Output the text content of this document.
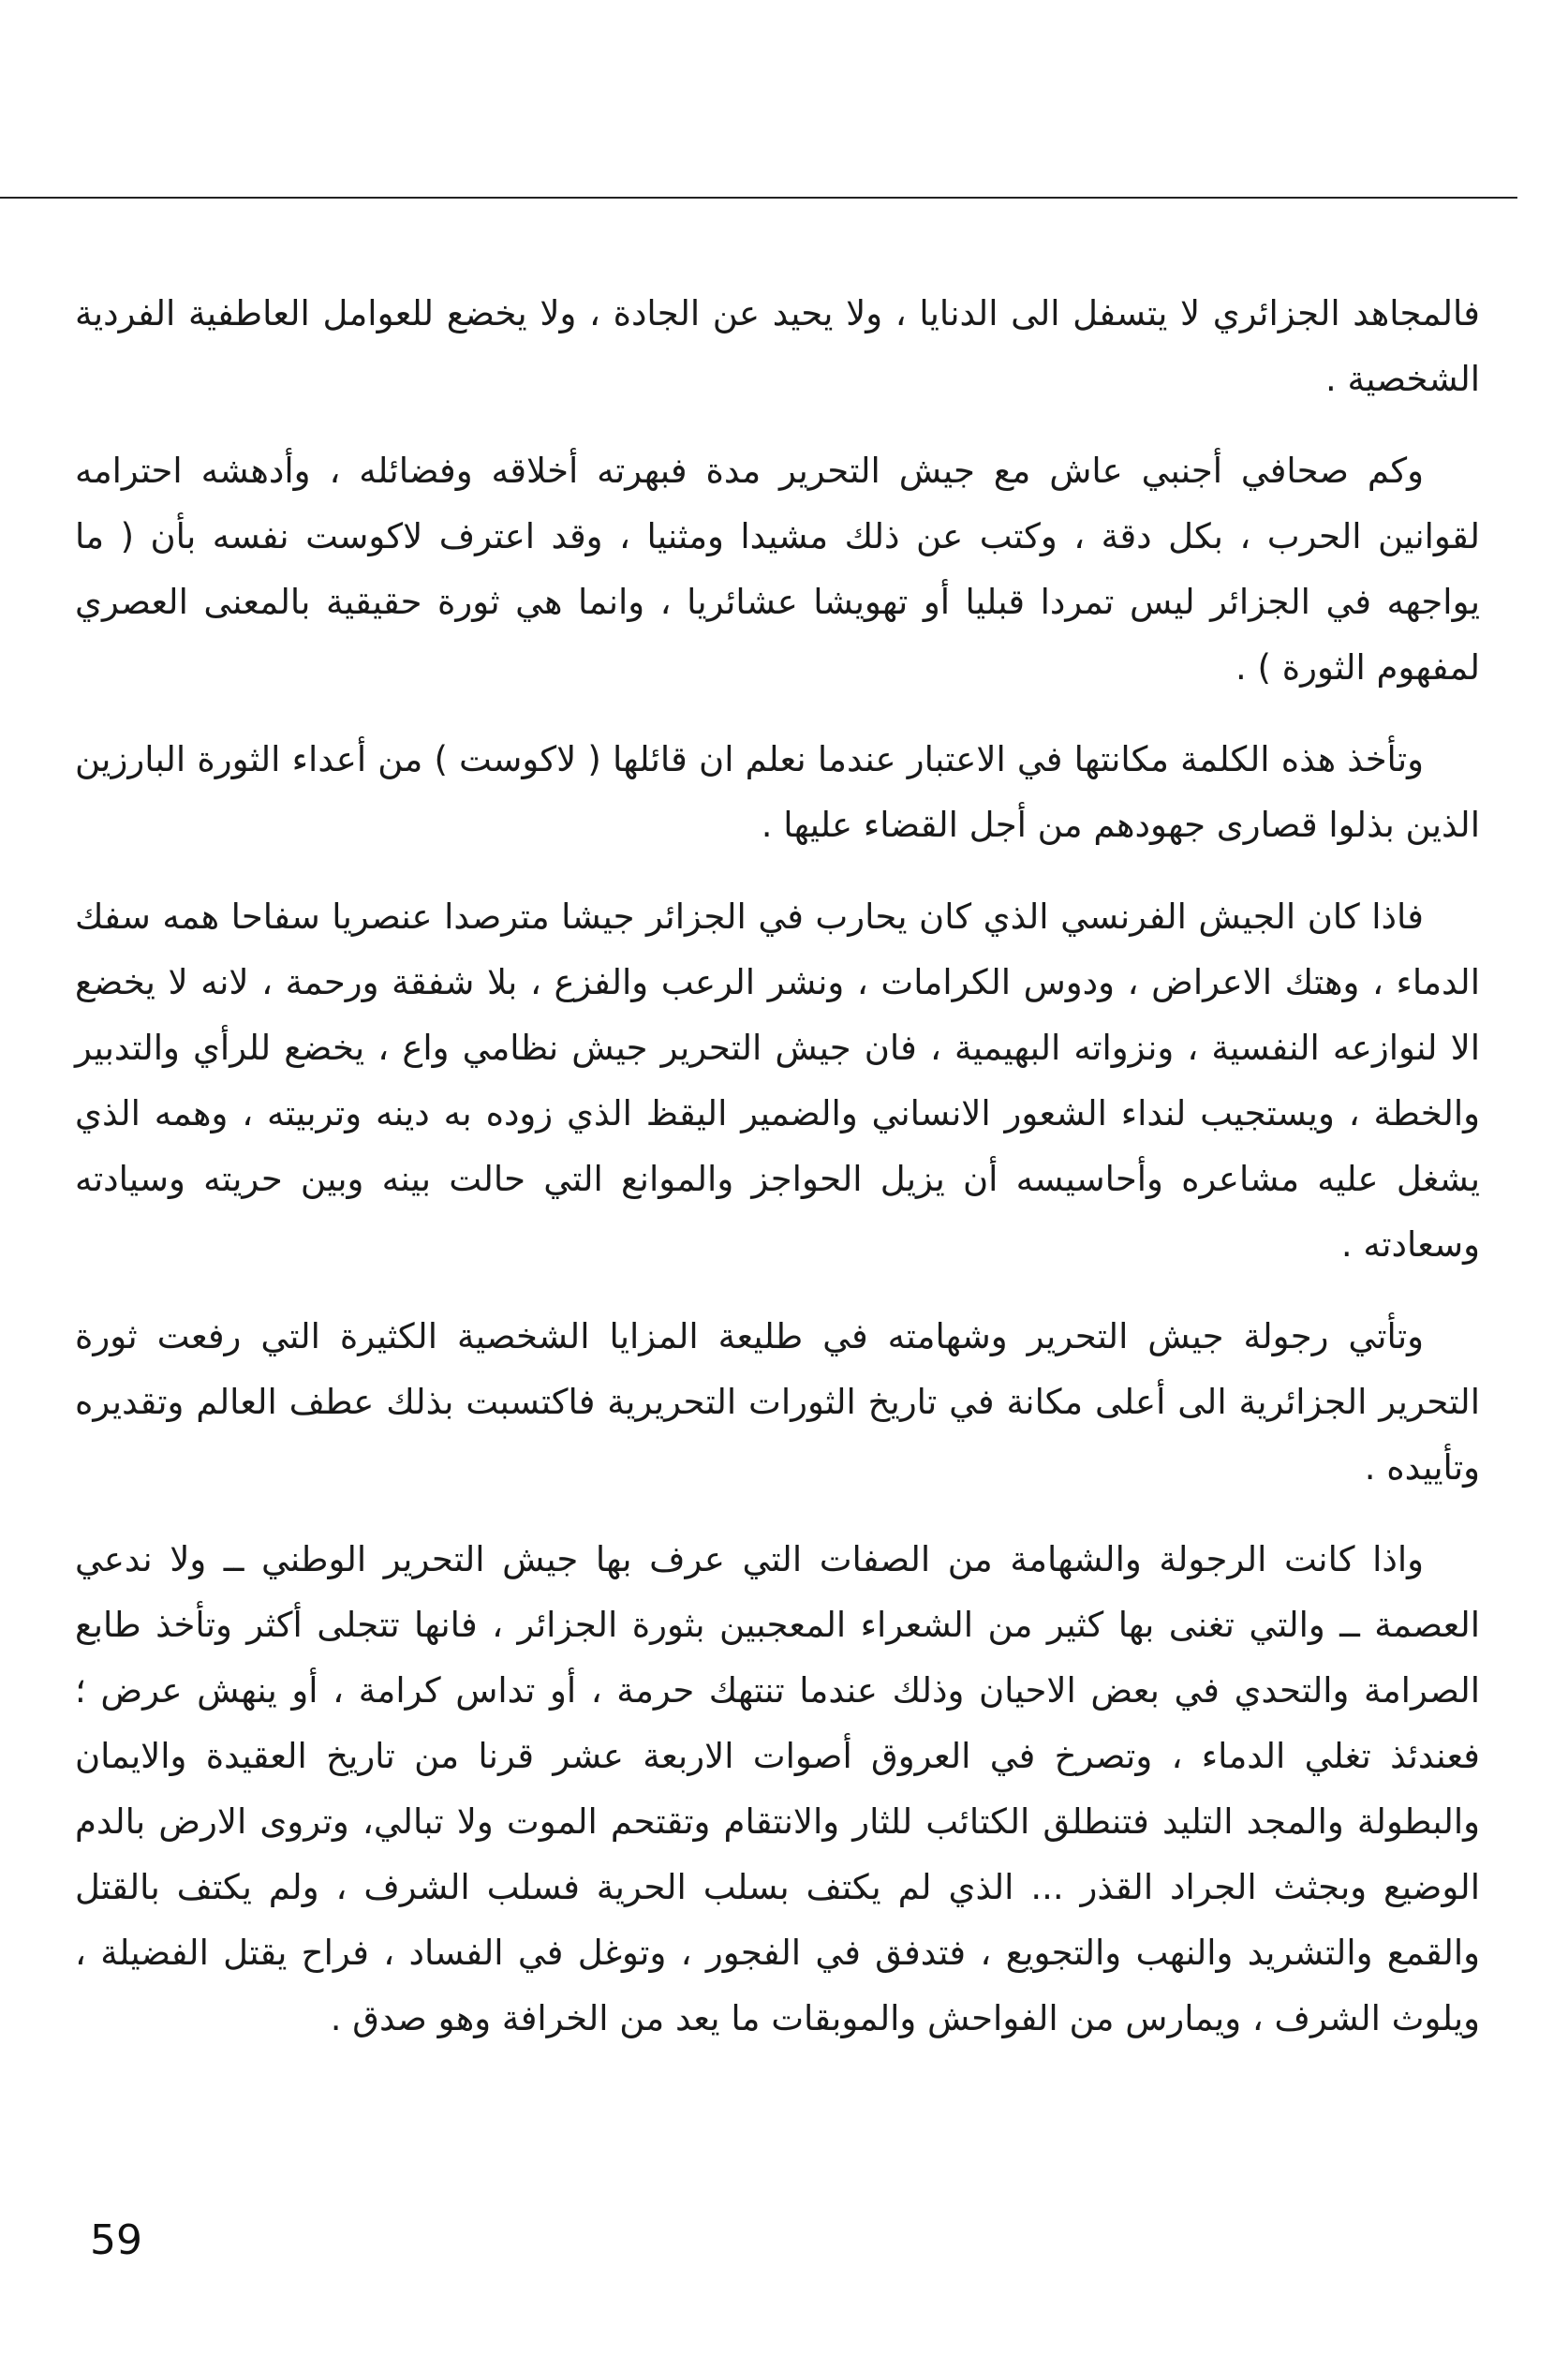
فالمجاهد الجزائري لا يتسفل الى الدنايا ، ولا يحيد عن الجادة ، ولا يخضع للعوامل العاطفية الفردية الشخصية .

وكم صحافي أجنبي عاش مع جيش التحرير مدة فبهرته أخلاقه وفضائله ، وأدهشه احترامه لقوانين الحرب ، بكل دقة ، وكتب عن ذلك مشيدا ومثنيا ، وقد اعترف لاكوست نفسه بأن ( ما يواجهه في الجزائر ليس تمردا قبليا أو تهويشا عشائريا ، وانما هي ثورة حقيقية بالمعنى العصري لمفهوم الثورة ) .

وتأخذ هذه الكلمة مكانتها في الاعتبار عندما نعلم ان قائلها ( لاكوست ) من أعداء الثورة البارزين الذين بذلوا قصارى جهودهم من أجل القضاء عليها .

فاذا كان الجيش الفرنسي الذي كان يحارب في الجزائر جيشا مترصدا عنصريا سفاحا همه سفك الدماء ، وهتك الاعراض ، ودوس الكرامات ، ونشر الرعب والفزع ، بلا شفقة ورحمة ، لانه لا يخضع الا لنوازعه النفسية ، ونزواته البهيمية ، فان جيش التحرير جيش نظامي واع ، يخضع للرأي والتدبير والخطة ، ويستجيب لنداء الشعور الانساني والضمير اليقظ الذي زوده به دينه وتربيته ، وهمه الذي يشغل عليه مشاعره وأحاسيسه أن يزيل الحواجز والموانع التي حالت بينه وبين حريته وسيادته وسعادته .

وتأتي رجولة جيش التحرير وشهامته في طليعة المزايا الشخصية الكثيرة التي رفعت ثورة التحرير الجزائرية الى أعلى مكانة في تاريخ الثورات التحريرية فاكتسبت بذلك عطف العالم وتقديره وتأييده .

واذا كانت الرجولة والشهامة من الصفات التي عرف بها جيش التحرير الوطني ــ ولا ندعي العصمة ــ والتي تغنى بها كثير من الشعراء المعجبين بثورة الجزائر ، فانها تتجلى أكثر وتأخذ طابع الصرامة والتحدي في بعض الاحيان وذلك عندما تنتهك حرمة ، أو تداس كرامة ، أو ينهش عرض ؛ فعندئذ تغلي الدماء ، وتصرخ في العروق أصوات الاربعة عشر قرنا من تاريخ العقيدة والايمان والبطولة والمجد التليد فتنطلق الكتائب للثار والانتقام وتقتحم الموت ولا تبالي، وتروى الارض بالدم الوضيع وبجثث الجراد القذر ... الذي لم يكتف بسلب الحرية فسلب الشرف ، ولم يكتف بالقتل والقمع والتشريد والنهب والتجويع ، فتدفق في الفجور ، وتوغل في الفساد ، فراح يقتل الفضيلة ، ويلوث الشرف ، ويمارس من الفواحش والموبقات ما يعد من الخرافة وهو صدق .

59
